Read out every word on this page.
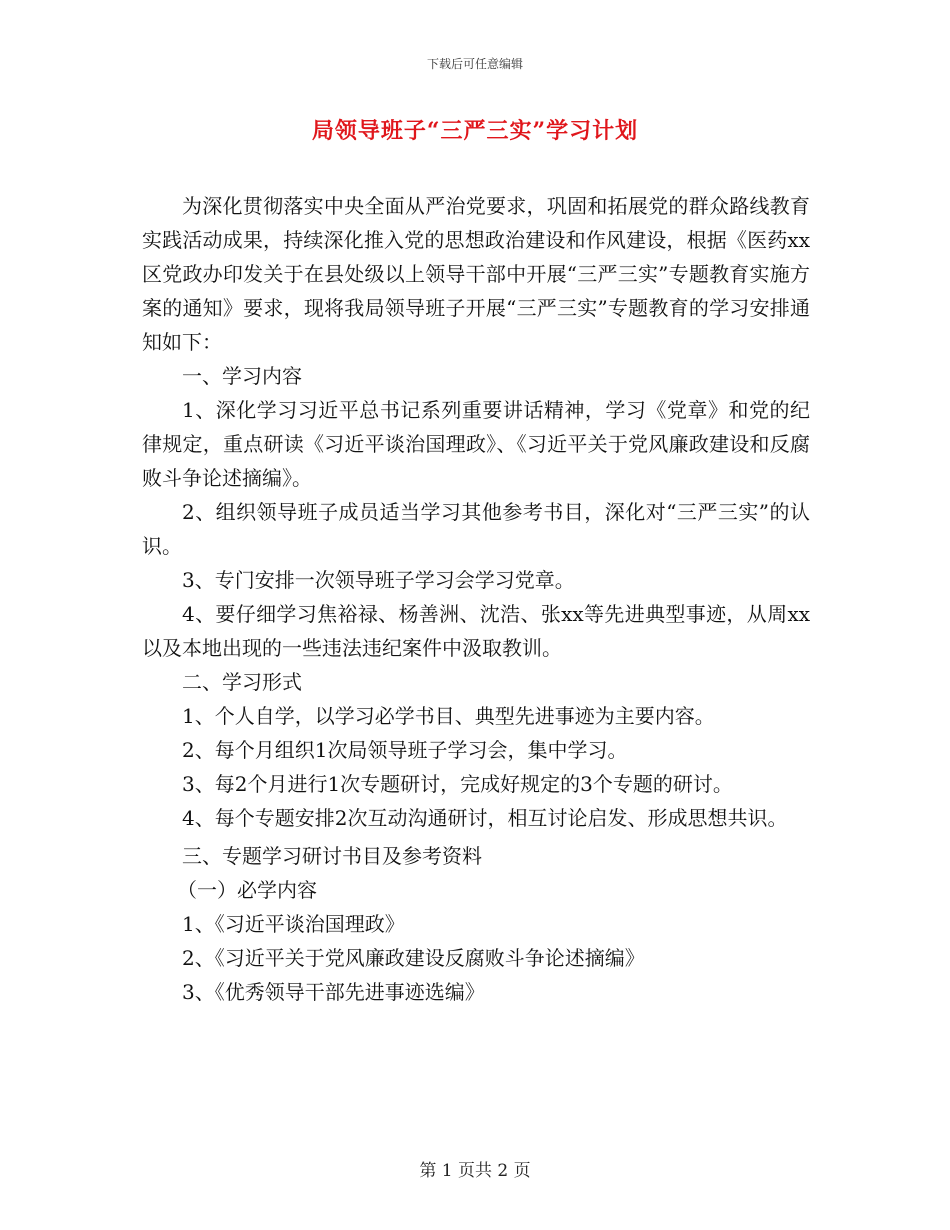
下载后可任意编辑
局领导班子“三严三实”学习计划

为深化贯彻落实中央全面从严治党要求，巩固和拓展党的群众路线教育实践活动成果，持续深化推入党的思想政治建设和作风建设，根据《医药xx区党政办印发关于在县处级以上领导干部中开展“三严三实”专题教育实施方案的通知》要求，现将我局领导班子开展“三严三实”专题教育的学习安排通知如下：

一、学习内容

1、深化学习习近平总书记系列重要讲话精神，学习《党章》和党的纪律规定，重点研读《习近平谈治国理政》、《习近平关于党风廉政建设和反腐败斗争论述摘编》。

2、组织领导班子成员适当学习其他参考书目，深化对“三严三实”的认识。

3、专门安排一次领导班子学习会学习党章。

4、要仔细学习焦裕禄、杨善洲、沈浩、张xx等先进典型事迹，从周xx以及本地出现的一些违法违纪案件中汲取教训。

二、学习形式

1、个人自学，以学习必学书目、典型先进事迹为主要内容。

2、每个月组织1次局领导班子学习会，集中学习。

3、每2个月进行1次专题研讨，完成好规定的3个专题的研讨。

4、每个专题安排2次互动沟通研讨，相互讨论启发、形成思想共识。

三、专题学习研讨书目及参考资料

（一）必学内容

1、《习近平谈治国理政》

2、《习近平关于党风廉政建设反腐败斗争论述摘编》

3、《优秀领导干部先进事迹选编》

第 1 页共 2 页
